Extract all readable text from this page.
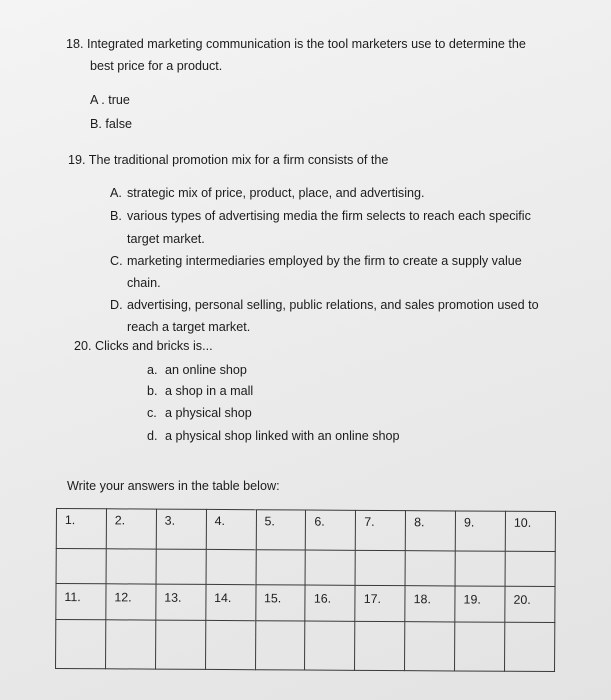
18. Integrated marketing communication is the tool marketers use to determine the
best price for a product.
A . true
B. false
19. The traditional promotion mix for a firm consists of the
A. strategic mix of price, product, place, and advertising.
B. various types of advertising media the firm selects to reach each specific
target market.
C. marketing intermediaries employed by the firm to create a supply value
chain.
D. advertising, personal selling, public relations, and sales promotion used to
reach a target market.
20. Clicks and bricks is...
a. an online shop
b. a shop in a mall
c. a physical shop
d. a physical shop linked with an online shop
Write your answers in the table below:
1.	2.	3.	4.	5.	6.	7.	8.	9.	10.

11.	12.	13.	14.	15.	16.	17.	18.	19.	20.
